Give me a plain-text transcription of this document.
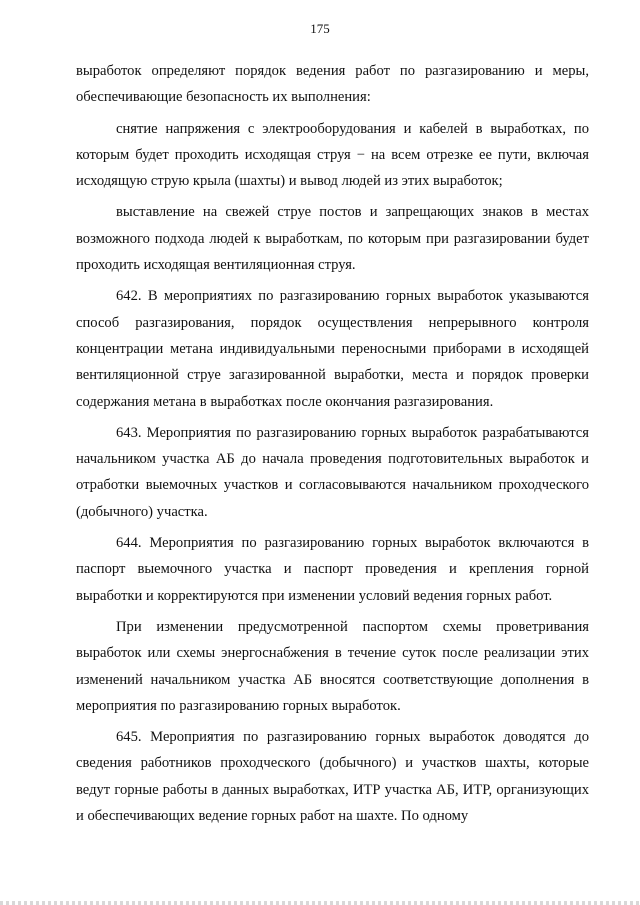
175

выработок определяют порядок ведения работ по разгазированию и меры, обеспечивающие безопасность их выполнения:

снятие напряжения с электрооборудования и кабелей в выработках, по которым будет проходить исходящая струя − на всем отрезке ее пути, включая исходящую струю крыла (шахты) и вывод людей из этих выработок;

выставление на свежей струе постов и запрещающих знаков в местах возможного подхода людей к выработкам, по которым при разгазировании будет проходить исходящая вентиляционная струя.

642. В мероприятиях по разгазированию горных выработок указываются способ разгазирования, порядок осуществления непрерывного контроля концентрации метана индивидуальными переносными приборами в исходящей вентиляционной струе загазированной выработки, места и порядок проверки содержания метана в выработках после окончания разгазирования.

643. Мероприятия по разгазированию горных выработок разрабатываются начальником участка АБ до начала проведения подготовительных выработок и отработки выемочных участков и согласовываются начальником проходческого (добычного) участка.

644. Мероприятия по разгазированию горных выработок включаются в паспорт выемочного участка и паспорт проведения и крепления горной выработки и корректируются при изменении условий ведения горных работ.

При изменении предусмотренной паспортом схемы проветривания выработок или схемы энергоснабжения в течение суток после реализации этих изменений начальником участка АБ вносятся соответствующие дополнения в мероприятия по разгазированию горных выработок.

645. Мероприятия по разгазированию горных выработок доводятся до сведения работников проходческого (добычного) и участков шахты, которые ведут горные работы в данных выработках, ИТР участка АБ, ИТР, организующих и обеспечивающих ведение горных работ на шахте. По одному
